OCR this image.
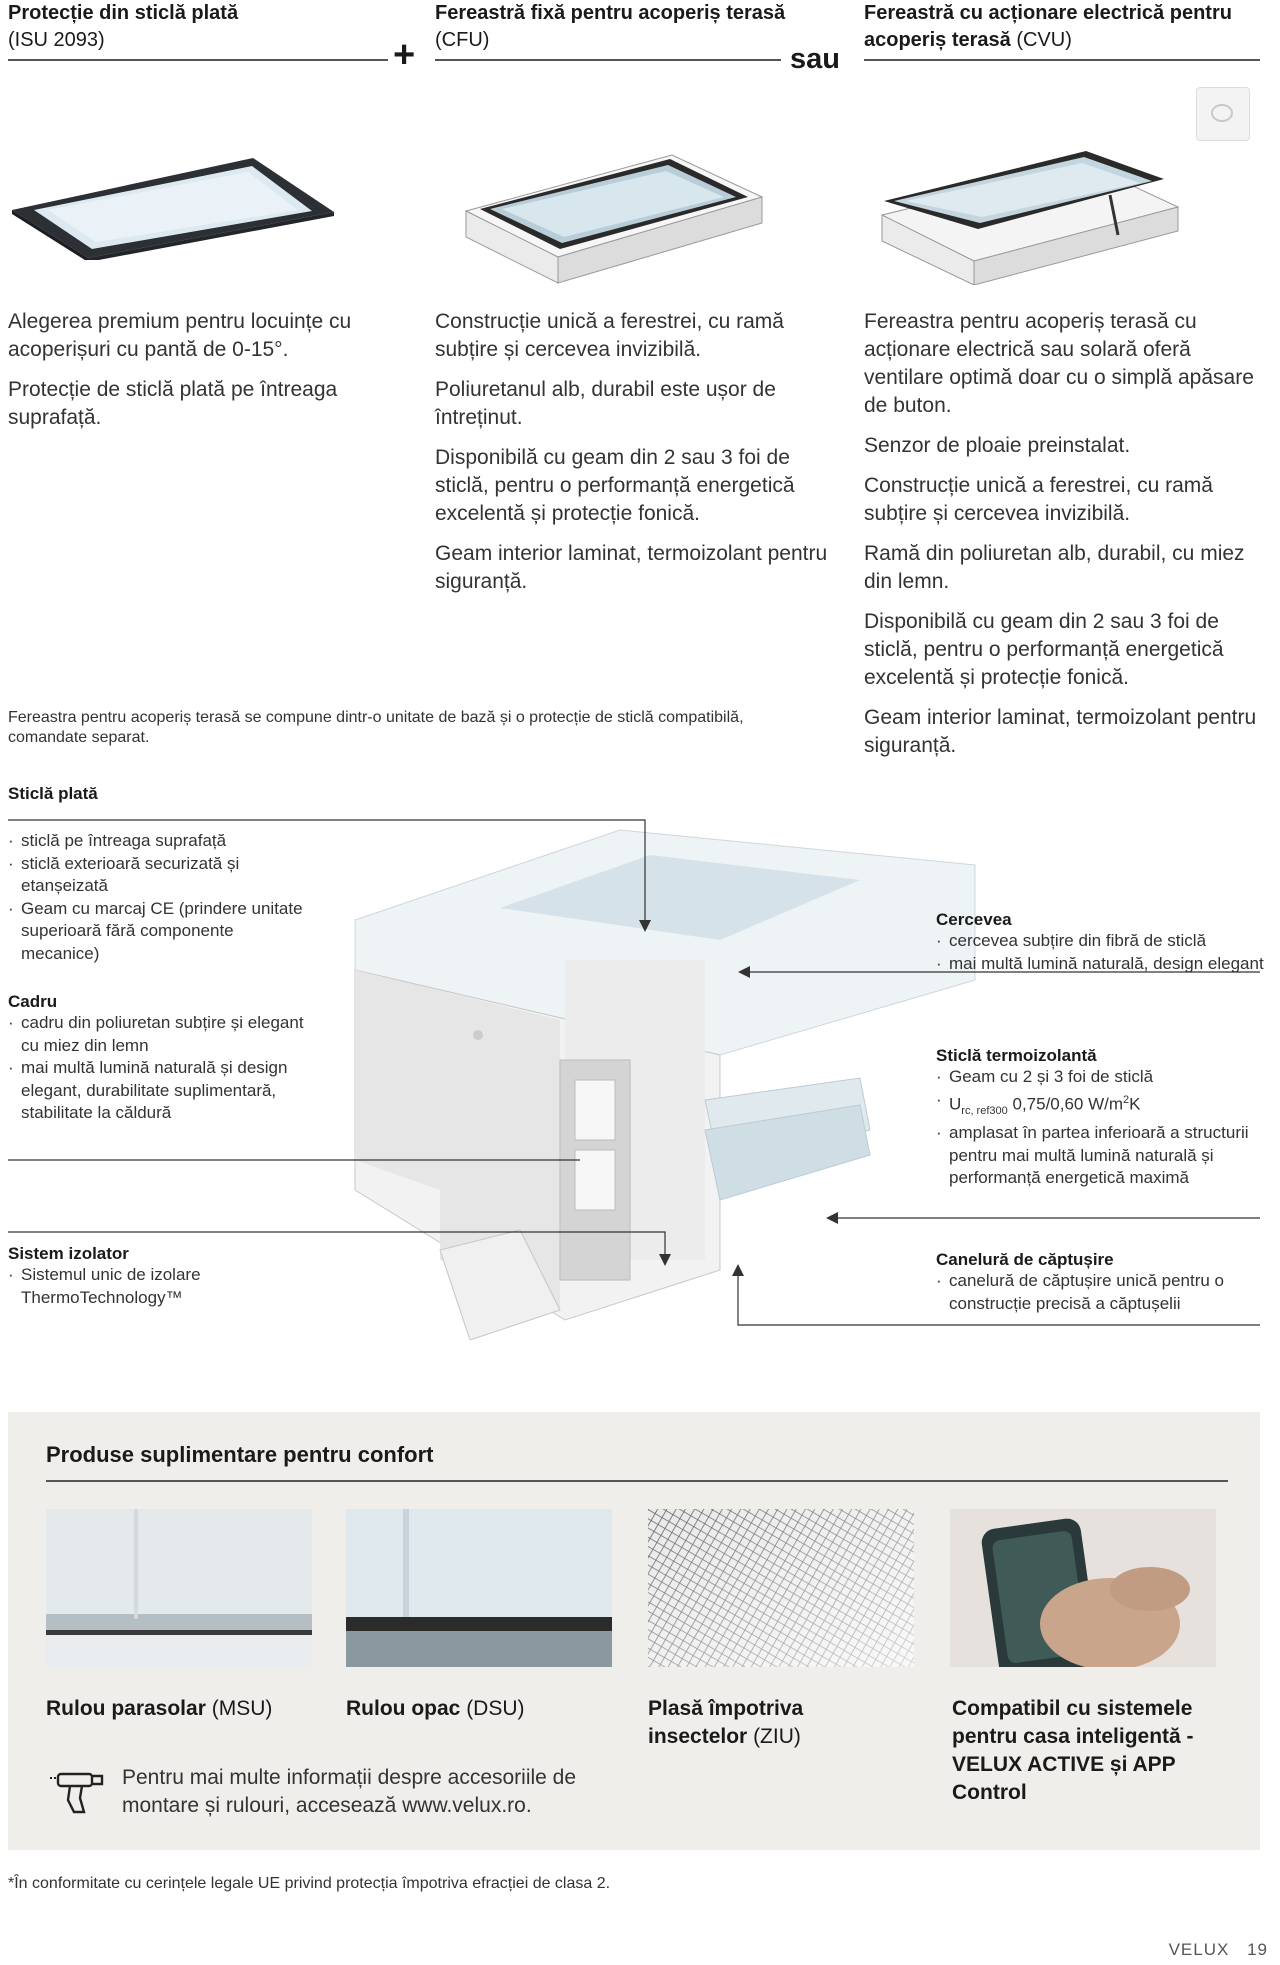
Protecție din sticlă plată
(ISU 2093)	+
Fereastră fixă pentru acoperiș terasă (CFU)
sau
Fereastră cu acționare electrică pentru acoperiș terasă (CVU)

Alegerea premium pentru locuințe cu acoperișuri cu pantă de 0-15°.

Protecție de sticlă plată pe întreaga suprafață.

Construcție unică a ferestrei, cu ramă subțire și cercevea invizibilă.

Poliuretanul alb, durabil este ușor de întreținut.

Disponibilă cu geam din 2 sau 3 foi de sticlă, pentru o performanță energetică excelentă și protecție fonică.

Geam interior laminat, termoizolant pentru siguranță.

Fereastra pentru acoperiș terasă cu acționare electrică sau solară oferă ventilare optimă doar cu o simplă apăsare de buton.

Senzor de ploaie preinstalat.

Construcție unică a ferestrei, cu ramă subțire și cercevea invizibilă.

Ramă din poliuretan alb, durabil, cu miez din lemn.

Disponibilă cu geam din 2 sau 3 foi de sticlă, pentru o performanță energetică excelentă și protecție fonică.

Geam interior laminat, termoizolant pentru siguranță.

Fereastra pentru acoperiș terasă se compune dintr-o unitate de bază și o protecție de sticlă compatibilă, comandate separat.
Sticlă plată
· sticlă pe întreaga suprafață
· sticlă exterioară securizată și etanșeizată
· Geam cu marcaj CE (prindere unitate superioară fără componente mecanice)
Cadru
· cadru din poliuretan subțire și elegant cu miez din lemn
· mai multă lumină naturală și design elegant, durabilitate suplimentară, stabilitate la căldură
Sistem izolator
· Sistemul unic de izolare ThermoTechnology™
Cercevea
· cercevea subțire din fibră de sticlă
· mai multă lumină naturală, design elegant
Sticlă termoizolantă
· Geam cu 2 și 3 foi de sticlă
· $U_{rc, ref300}$ 0,75/0,60 $W/m^2K$
· amplasat în partea inferioară a structurii pentru mai multă lumină naturală și performanță energetică maximă
Canelură de căptușire
· canelură de căptușire unică pentru o construcție precisă a căptușelii
Produse suplimentare pentru confort
Rulou parasolar (MSU)	Rulou opac (DSU)	Plasă împotriva insectelor (ZIU)
Compatibil cu sistemele pentru casa inteligentă - VELUX ACTIVE și APP Control
Pentru mai multe informații despre accesoriile de montare și rulouri, accesează www.velux.ro.
*În conformitate cu cerințele legale UE privind protecția împotriva efracției de clasa 2.
VELUX 19
